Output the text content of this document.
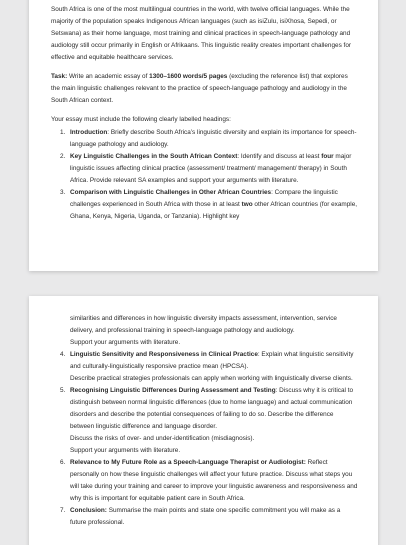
South Africa is one of the most multilingual countries in the world, with twelve official languages. While the majority of the population speaks Indigenous African languages (such as isiZulu, isiXhosa, Sepedi, or Setswana) as their home language, most training and clinical practices in speech-language pathology and audiology still occur primarily in English or Afrikaans. This linguistic reality creates important challenges for effective and equitable healthcare services.

Task: Write an academic essay of 1300–1600 words/5 pages (excluding the reference list) that explores the main linguistic challenges relevant to the practice of speech-language pathology and audiology in the South African context.

Your essay must include the following clearly labelled headings:

1. Introduction: Briefly describe South Africa’s linguistic diversity and explain its importance for speech-language pathology and audiology.
2. Key Linguistic Challenges in the South African Context: Identify and discuss at least four major linguistic issues affecting clinical practice (assessment/ treatment/ management/ therapy) in South Africa. Provide relevant SA examples and support your arguments with literature.
3. Comparison with Linguistic Challenges in Other African Countries: Compare the linguistic challenges experienced in South Africa with those in at least two other African countries (for example, Ghana, Kenya, Nigeria, Uganda, or Tanzania). Highlight key

similarities and differences in how linguistic diversity impacts assessment, intervention, service delivery, and professional training in speech-language pathology and audiology.

Support your arguments with literature.

4. Linguistic Sensitivity and Responsiveness in Clinical Practice: Explain what linguistic sensitivity and culturally-linguistically responsive practice mean (HPCSA).
Describe practical strategies professionals can apply when working with linguistically diverse clients.
5. Recognising Linguistic Differences During Assessment and Testing: Discuss why it is critical to distinguish between normal linguistic differences (due to home language) and actual communication disorders and describe the potential consequences of failing to do so. Describe the difference between linguistic difference and language disorder.
Discuss the risks of over- and under-identification (misdiagnosis).
Support your arguments with literature.
6. Relevance to My Future Role as a Speech-Language Therapist or Audiologist: Reflect personally on how these linguistic challenges will affect your future practice. Discuss what steps you will take during your training and career to improve your linguistic awareness and responsiveness and why this is important for equitable patient care in South Africa.
7. Conclusion: Summarise the main points and state one specific commitment you will make as a future professional.
